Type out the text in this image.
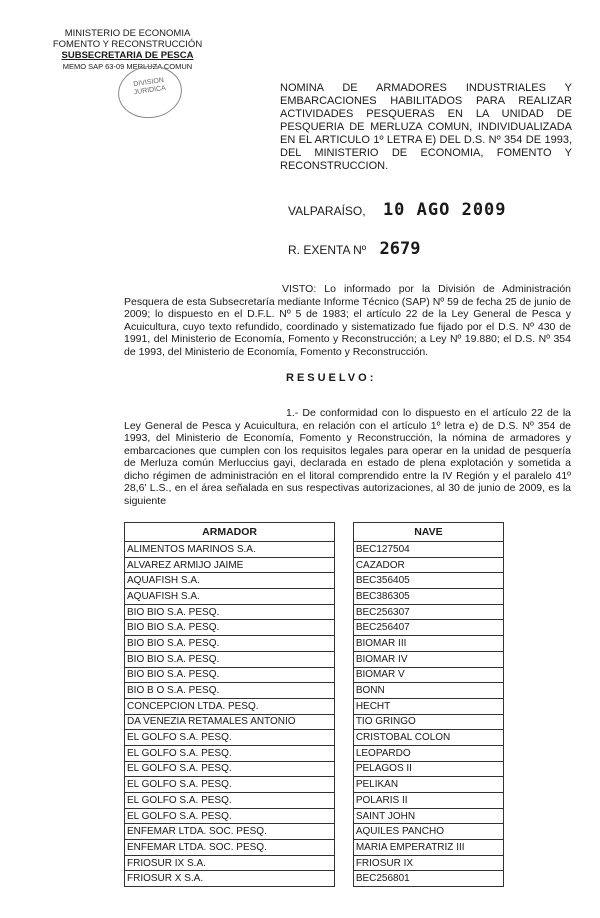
MINISTERIO DE ECONOMIA
FOMENTO Y RECONSTRUCCIÓN
SUBSECRETARIA DE PESCA
MEMO SAP 63-09 MERLUZA COMUN
DIVISION JURIDICA	NOMINA DE ARMADORES INDUSTRIALES Y EMBARCACIONES HABILITADOS PARA REALIZAR ACTIVIDADES PESQUERAS EN LA UNIDAD DE PESQUERIA DE MERLUZA COMUN, INDIVIDUALIZADA EN EL ARTICULO 1º LETRA E) DEL D.S. Nº 354 DE 1993, DEL MINISTERIO DE ECONOMIA, FOMENTO Y RECONSTRUCCION.
VALPARAÍSO, 10 AGO 2009
R. EXENTA Nº 2679
VISTO: Lo informado por la División de Administración Pesquera de esta Subsecretaría mediante Informe Técnico (SAP) Nº 59 de fecha 25 de junio de 2009; lo dispuesto en el D.F.L. Nº 5 de 1983; el artículo 22 de la Ley General de Pesca y Acuicultura, cuyo texto refundido, coordinado y sistematizado fue fijado por el D.S. Nº 430 de 1991, del Ministerio de Economía, Fomento y Reconstrucción; a Ley Nº 19.880; el D.S. Nº 354 de 1993, del Ministerio de Economía, Fomento y Reconstrucción.
RESUELVO:
1.- De conformidad con lo dispuesto en el artículo 22 de la Ley General de Pesca y Acuicultura, en relación con el artículo 1º letra e) de D.S. Nº 354 de 1993, del Ministerio de Economía, Fomento y Reconstrucción, la nómina de armadores y embarcaciones que cumplen con los requisitos legales para operar en la unidad de pesquería de Merluza común Merluccius gayi, declarada en estado de plena explotación y sometida a dicho régimen de administración en el litoral comprendido entre la IV Región y el paralelo 41º 28,6' L.S., en el área señalada en sus respectivas autorizaciones, al 30 de junio de 2009, es la siguiente
ARMADOR		NAVE
ALIMENTOS MARINOS S.A.		BEC127504
ALVAREZ ARMIJO JAIME		CAZADOR
AQUAFISH S.A.		BEC356405
AQUAFISH S.A.		BEC386305
BIO BIO S.A. PESQ.		BEC256307
BIO BIO S.A. PESQ.		BEC256407
BIO BIO S.A. PESQ.		BIOMAR III
BIO BIO S.A. PESQ.		BIOMAR IV
BIO BIO S.A. PESQ.		BIOMAR V
BIO B O S.A. PESQ.		BONN
CONCEPCION LTDA. PESQ.		HECHT
DA VENEZIA RETAMALES ANTONIO		TIO GRINGO
EL GOLFO S.A. PESQ.		CRISTOBAL COLON
EL GOLFO S.A. PESQ.		LEOPARDO
EL GOLFO S.A. PESQ.		PELAGOS II
EL GOLFO S.A. PESQ.		PELIKAN
EL GOLFO S.A. PESQ.		POLARIS II
EL GOLFO S.A. PESQ.		SAINT JOHN
ENFEMAR LTDA. SOC. PESQ.		AQUILES PANCHO
ENFEMAR LTDA. SOC. PESQ.		MARIA EMPERATRIZ III
FRIOSUR IX S.A.		FRIOSUR IX
FRIOSUR X S.A.		BEC256801
